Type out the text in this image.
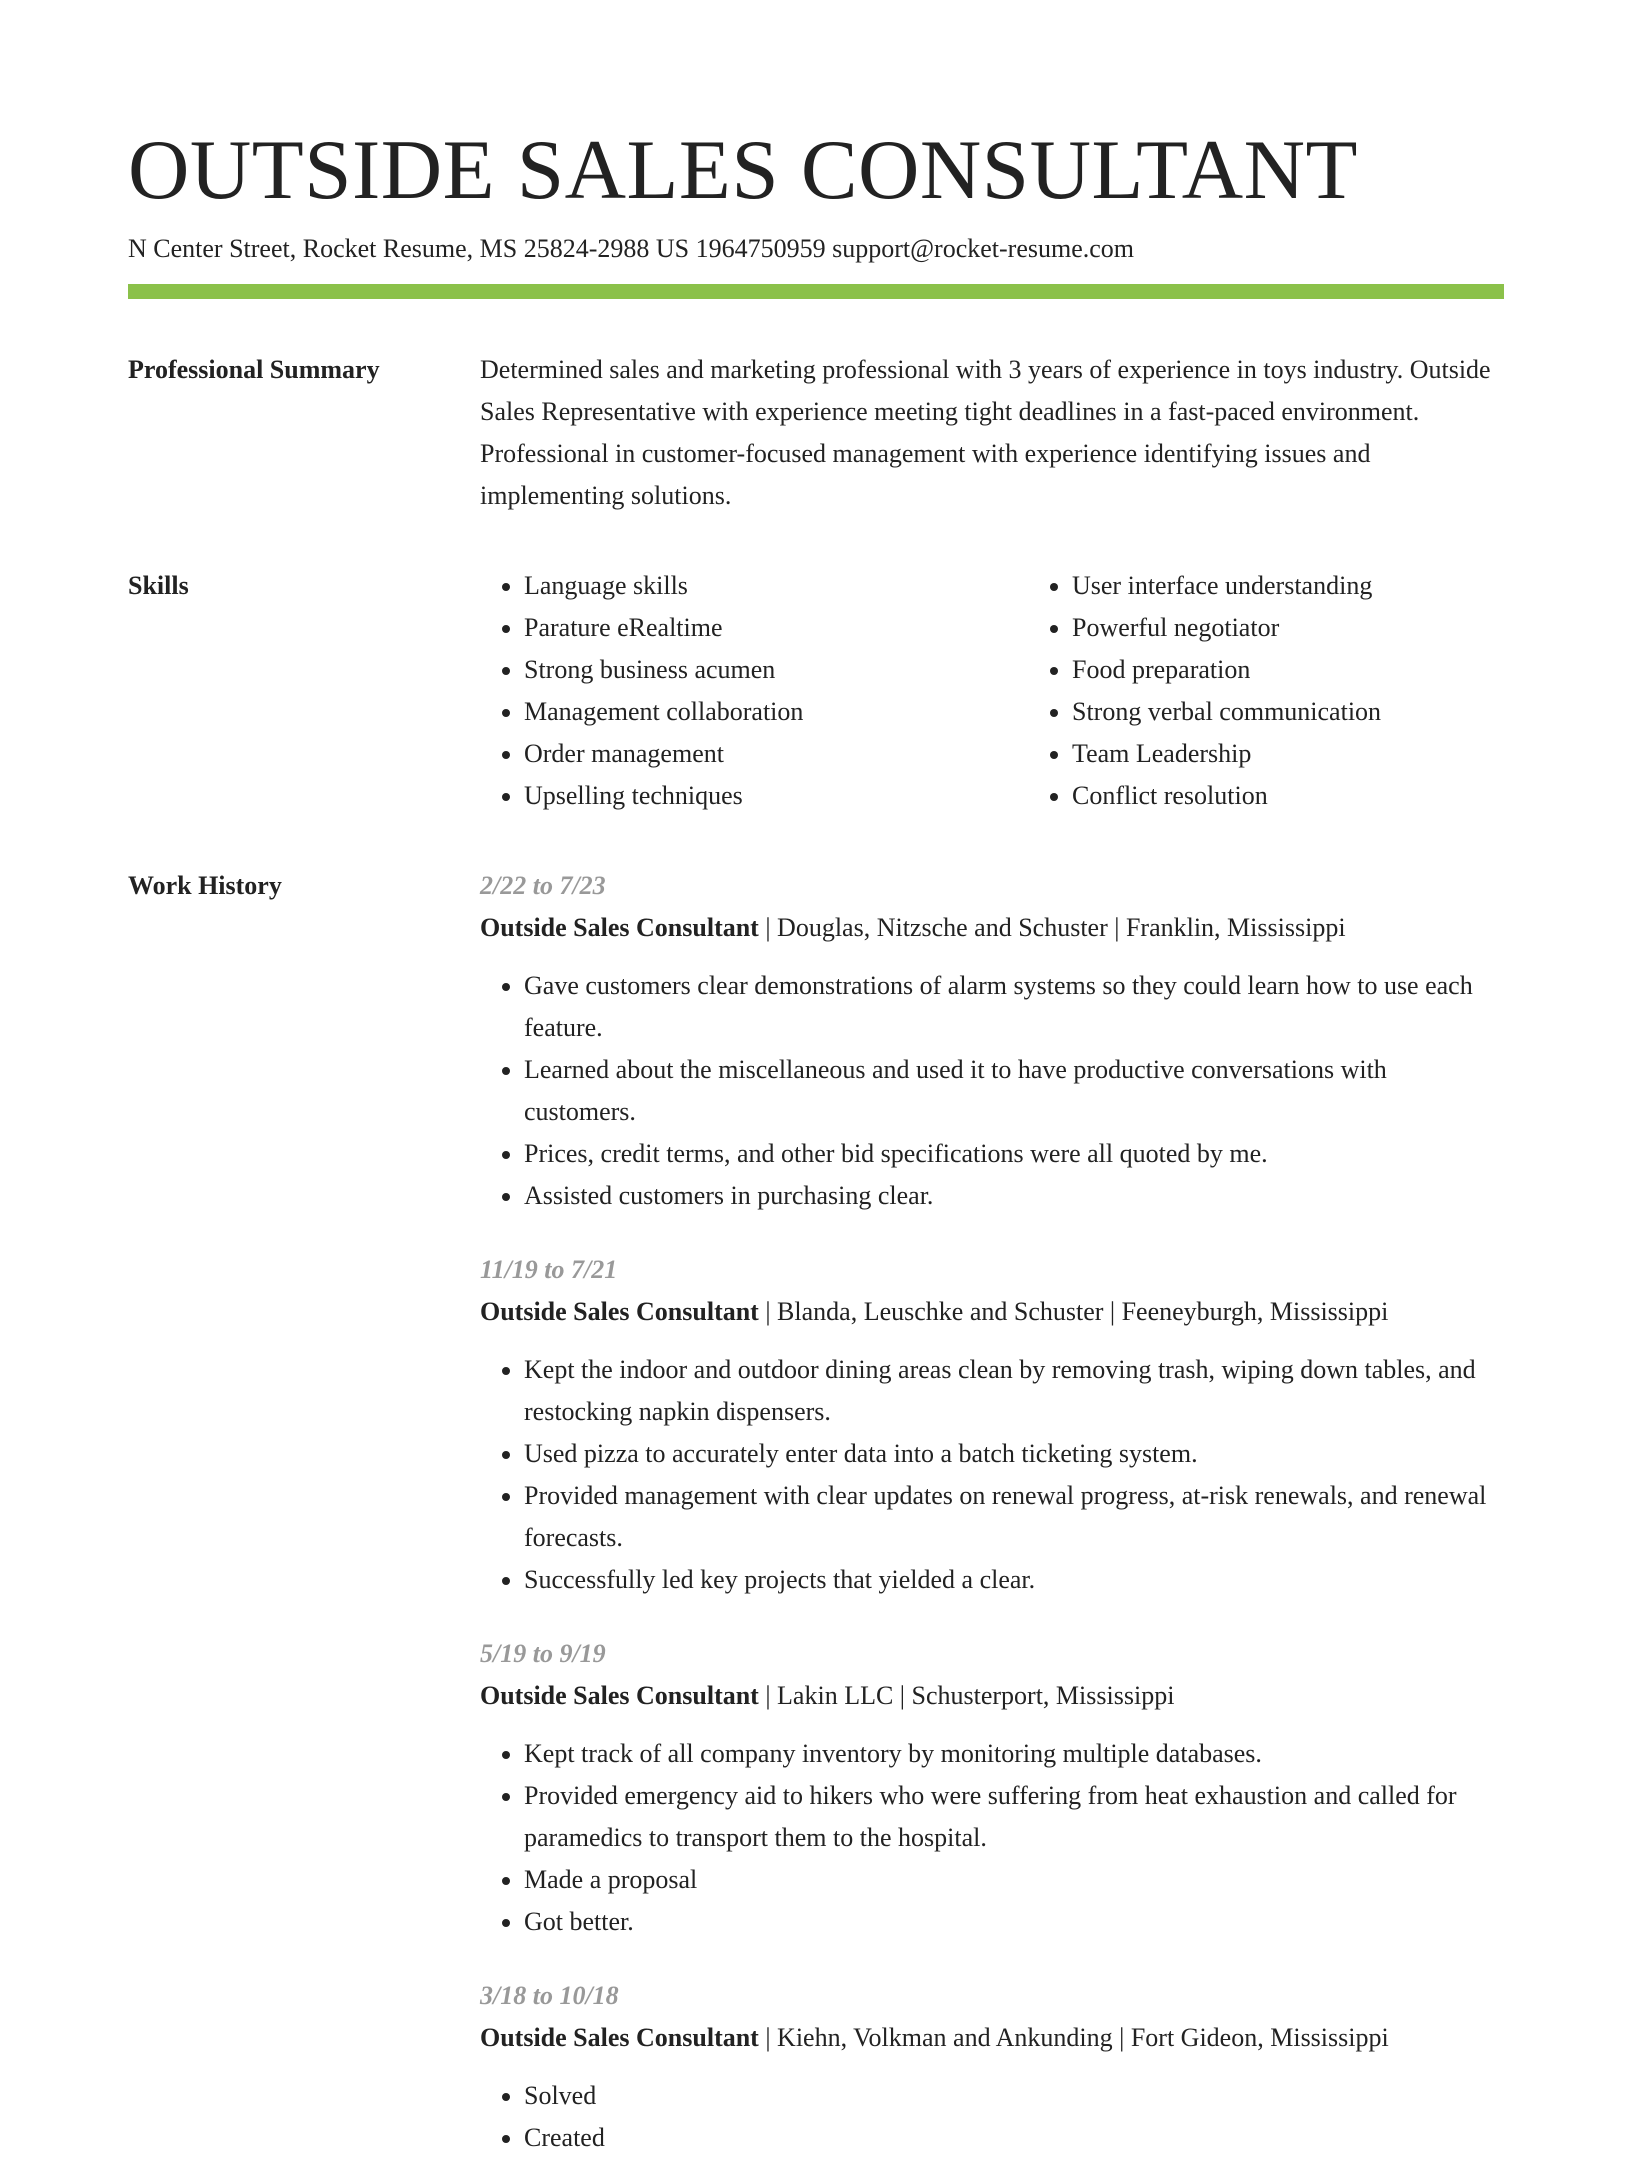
OUTSIDE SALES CONSULTANT
N Center Street, Rocket Resume, MS 25824-2988 US 1964750959 support@rocket-resume.com
Professional Summary	Determined sales and marketing professional with 3 years of experience in toys industry. Outside Sales Representative with experience meeting tight deadlines in a fast-paced environment. Professional in customer-focused management with experience identifying issues and implementing solutions.
Skills
•	Language skills
• Parature eRealtime
• Strong business acumen
• Management collaboration
• Order management
• Upselling techniques
• User interface understanding
• Powerful negotiator
• Food preparation
• Strong verbal communication
• Team Leadership
• Conflict resolution
Work History	2/22 to 7/23
Outside Sales Consultant | Douglas, Nitzsche and Schuster | Franklin, Mississippi
• Gave customers clear demonstrations of alarm systems so they could learn how to use each feature.
• Learned about the miscellaneous and used it to have productive conversations with customers.
• Prices, credit terms, and other bid specifications were all quoted by me.
• Assisted customers in purchasing clear.
11/19 to 7/21
Outside Sales Consultant | Blanda, Leuschke and Schuster | Feeneyburgh, Mississippi
• Kept the indoor and outdoor dining areas clean by removing trash, wiping down tables, and restocking napkin dispensers.
• Used pizza to accurately enter data into a batch ticketing system.
• Provided management with clear updates on renewal progress, at-risk renewals, and renewal forecasts.
• Successfully led key projects that yielded a clear.
5/19 to 9/19
Outside Sales Consultant | Lakin LLC | Schusterport, Mississippi
• Kept track of all company inventory by monitoring multiple databases.
• Provided emergency aid to hikers who were suffering from heat exhaustion and called for paramedics to transport them to the hospital.
• Made a proposal
• Got better.
3/18 to 10/18
Outside Sales Consultant | Kiehn, Volkman and Ankunding | Fort Gideon, Mississippi
• Solved
• Created
